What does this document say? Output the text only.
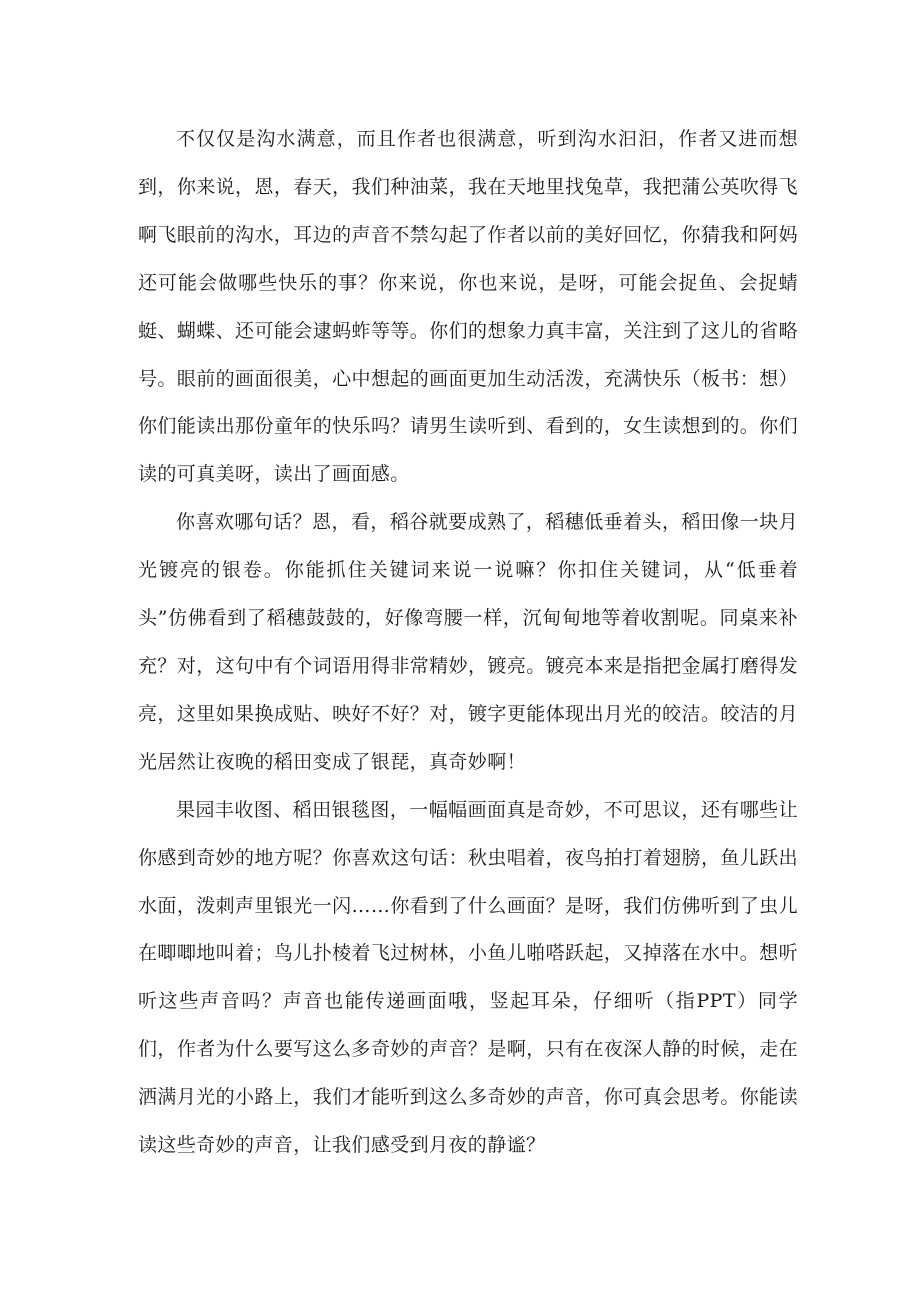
不仅仅是沟水满意，而且作者也很满意，听到沟水汩汩，作者又进而想到，你来说，恩，春天，我们种油菜，我在天地里找兔草，我把蒲公英吹得飞啊飞眼前的沟水，耳边的声音不禁勾起了作者以前的美好回忆，你猜我和阿妈还可能会做哪些快乐的事？你来说，你也来说，是呀，可能会捉鱼、会捉蜻蜓、蝴蝶、还可能会逮蚂蚱等等。你们的想象力真丰富，关注到了这儿的省略号。眼前的画面很美，心中想起的画面更加生动活泼，充满快乐（板书：想）你们能读出那份童年的快乐吗？请男生读听到、看到的，女生读想到的。你们读的可真美呀，读出了画面感。

你喜欢哪句话？恩，看，稻谷就要成熟了，稻穗低垂着头，稻田像一块月光镀亮的银卷。你能抓住关键词来说一说嘛？你扣住关键词，从“低垂着头”仿佛看到了稻穗鼓鼓的，好像弯腰一样，沉甸甸地等着收割呢。同桌来补充？对，这句中有个词语用得非常精妙，镀亮。镀亮本来是指把金属打磨得发亮，这里如果换成贴、映好不好？对，镀字更能体现出月光的皎洁。皎洁的月光居然让夜晚的稻田变成了银琵，真奇妙啊！

果园丰收图、稻田银毯图，一幅幅画面真是奇妙，不可思议，还有哪些让你感到奇妙的地方呢？你喜欢这句话：秋虫唱着，夜鸟拍打着翅膀，鱼儿跃出水面，泼刺声里银光一闪……你看到了什么画面？是呀，我们仿佛听到了虫儿在唧唧地叫着；鸟儿扑棱着飞过树林，小鱼儿啪嗒跃起，又掉落在水中。想听听这些声音吗？声音也能传递画面哦，竖起耳朵，仔细听（指PPT）同学们，作者为什么要写这么多奇妙的声音？是啊，只有在夜深人静的时候，走在洒满月光的小路上，我们才能听到这么多奇妙的声音，你可真会思考。你能读读这些奇妙的声音，让我们感受到月夜的静谧？
